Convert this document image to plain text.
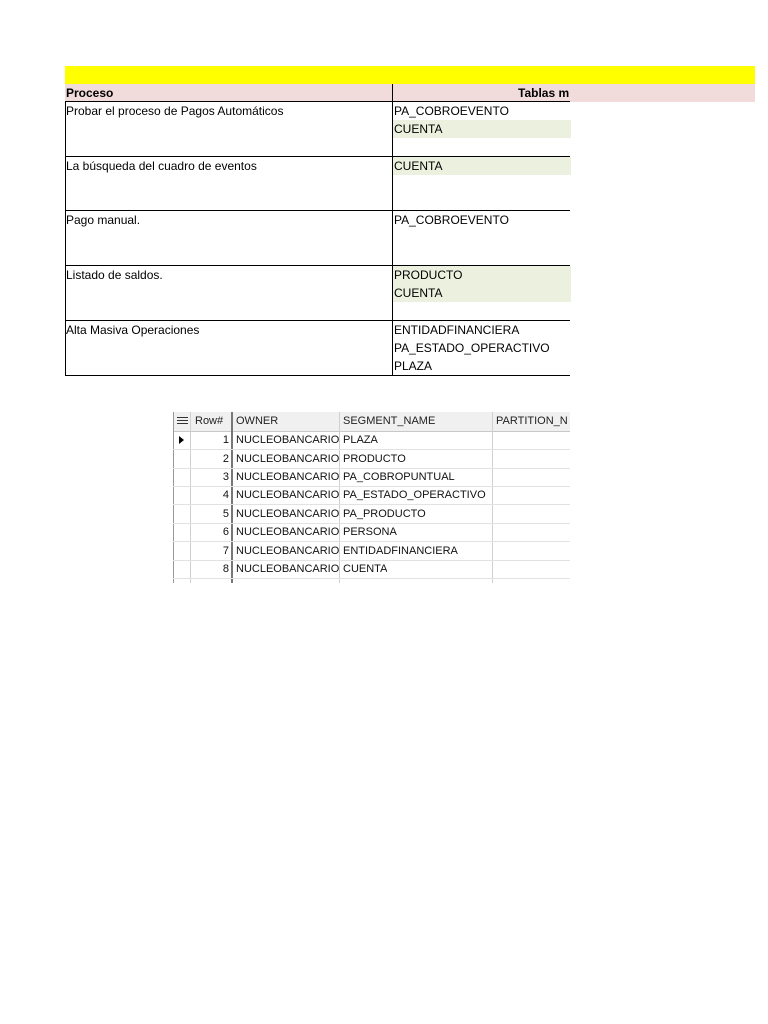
Proceso	Tablas m
Probar el proceso de Pagos Automáticos	PA_COBROEVENTO
CUENTA
La búsqueda del cuadro de eventos	CUENTA
Pago manual.	PA_COBROEVENTO
Listado de saldos.	PRODUCTO
CUENTA
Alta Masiva Operaciones	ENTIDADFINANCIERA
PA_ESTADO_OPERACTIVO
PLAZA
Row#	OWNER	SEGMENT_NAME	PARTITION_N
1 NUCLEOBANCARIO PLAZA
2 NUCLEOBANCARIO PRODUCTO
3 NUCLEOBANCARIO PA_COBROPUNTUAL
4 NUCLEOBANCARIO PA_ESTADO_OPERACTIVO
5 NUCLEOBANCARIO PA_PRODUCTO
6 NUCLEOBANCARIO PERSONA
7 NUCLEOBANCARIO ENTIDADFINANCIERA
8 NUCLEOBANCARIO CUENTA
